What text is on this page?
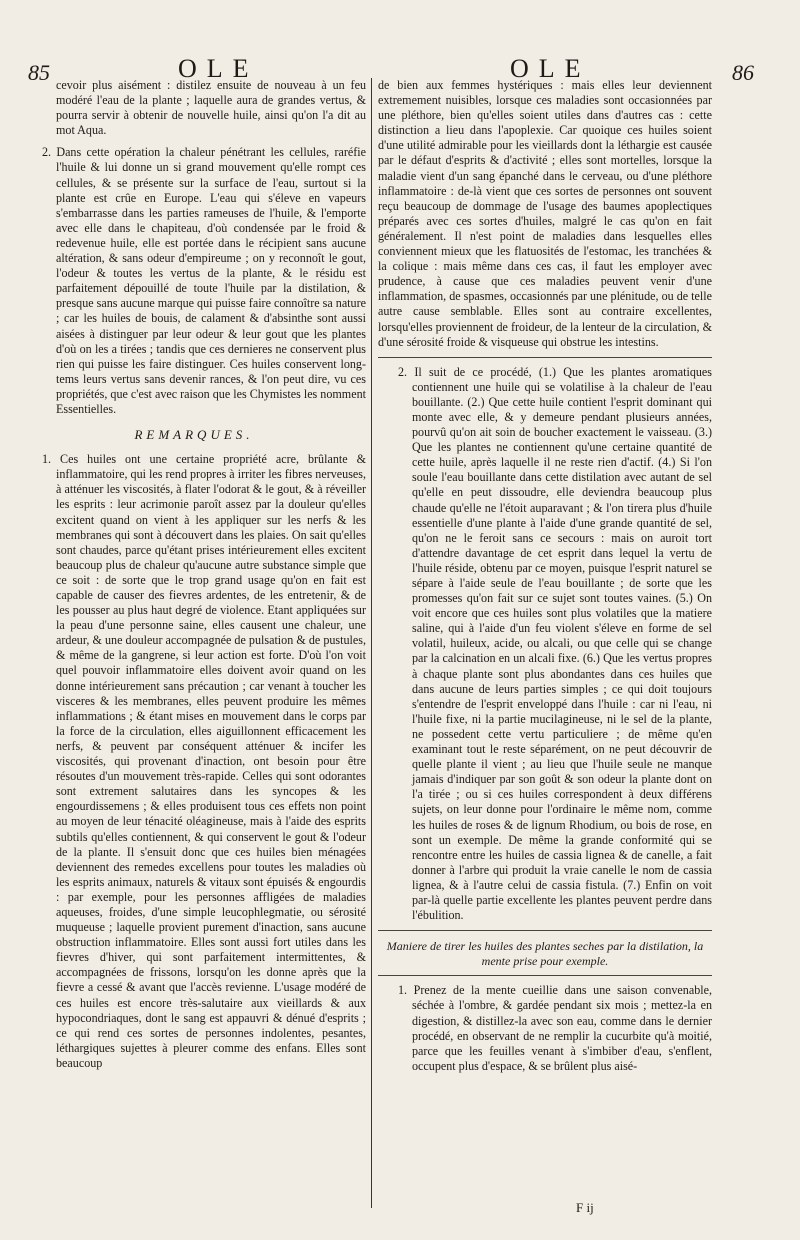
85	OLE	OLE	86

cevoir plus aisément : distilez ensuite de nouveau à un feu modéré l'eau de la plante ; laquelle aura de grandes vertus, & pourra servir à obtenir de nouvelle huile, ainsi qu'on l'a dit au mot Aqua.

2. Dans cette opération la chaleur pénétrant les cellules, raréfie l'huile & lui donne un si grand mouvement qu'elle rompt ces cellules, & se présente sur la surface de l'eau, surtout si la plante est crûe en Europe. L'eau qui s'éleve en vapeurs s'embarrasse dans les parties rameuses de l'huile, & l'emporte avec elle dans le chapiteau, d'où condensée par le froid & redevenue huile, elle est portée dans le récipient sans aucune altération, & sans odeur d'empireume ; on y reconnoît le gout, l'odeur & toutes les vertus de la plante, & le résidu est parfaitement dépouillé de toute l'huile par la distilation, & presque sans aucune marque qui puisse faire connoître sa nature ; car les huiles de bouis, de calament & d'absinthe sont aussi aisées à distinguer par leur odeur & leur gout que les plantes d'où on les a tirées ; tandis que ces dernieres ne conservent plus rien qui puisse les faire distinguer. Ces huiles conservent long-tems leurs vertus sans devenir rances, & l'on peut dire, vu ces propriétés, que c'est avec raison que les Chymistes les nomment Essentielles.

REMARQUES.

1. Ces huiles ont une certaine propriété acre, brûlante & inflammatoire, qui les rend propres à irriter les fibres nerveuses, à atténuer les viscosités, à flater l'odorat & le gout, & à réveiller les esprits : leur acrimonie paroît assez par la douleur qu'elles excitent quand on vient à les appliquer sur les nerfs & les membranes qui sont à découvert dans les plaies. On sait qu'elles sont chaudes, parce qu'étant prises intérieurement elles excitent beaucoup plus de chaleur qu'aucune autre substance simple que ce soit : de sorte que le trop grand usage qu'on en fait est capable de causer des fievres ardentes, de les entretenir, & de les pousser au plus haut degré de violence. Etant appliquées sur la peau d'une personne saine, elles causent une chaleur, une ardeur, & une douleur accompagnée de pulsation & de pustules, & même de la gangrene, si leur action est forte. D'où l'on voit quel pouvoir inflammatoire elles doivent avoir quand on les donne intérieurement sans précaution ; car venant à toucher les visceres & les membranes, elles peuvent produire les mêmes inflammations ; & étant mises en mouvement dans le corps par la force de la circulation, elles aiguillonnent efficacement les nerfs, & peuvent par conséquent atténuer & incifer les viscosités, qui provenant d'inaction, ont besoin pour être résoutes d'un mouvement très-rapide. Celles qui sont odorantes sont extrement salutaires dans les syncopes & les engourdissemens ; & elles produisent tous ces effets non point au moyen de leur ténacité oléagineuse, mais à l'aide des esprits subtils qu'elles contiennent, & qui conservent le gout & l'odeur de la plante. Il s'ensuit donc que ces huiles bien ménagées deviennent des remedes excellens pour toutes les maladies où les esprits animaux, naturels & vitaux sont épuisés & engourdis : par exemple, pour les personnes affligées de maladies aqueuses, froides, d'une simple leucophlegmatie, ou sérosité muqueuse ; laquelle provient purement d'inaction, sans aucune obstruction inflammatoire. Elles sont aussi fort utiles dans les fievres d'hiver, qui sont parfaitement intermittentes, & accompagnées de frissons, lorsqu'on les donne après que la fievre a cessé & avant que l'accès revienne. L'usage modéré de ces huiles est encore très-salutaire aux vieillards & aux hypocondriaques, dont le sang est appauvri & dénué d'esprits ; ce qui rend ces sortes de personnes indolentes, pesantes, léthargiques sujettes à pleurer comme des enfans. Elles sont beaucoup

de bien aux femmes hystériques : mais elles leur deviennent extremement nuisibles, lorsque ces maladies sont occasionnées par une pléthore, bien qu'elles soient utiles dans d'autres cas : cette distinction a lieu dans l'apoplexie. Car quoique ces huiles soient d'une utilité admirable pour les vieillards dont la léthargie est causée par le défaut d'esprits & d'activité ; elles sont mortelles, lorsque la maladie vient d'un sang épanché dans le cerveau, ou d'une pléthore inflammatoire : de-là vient que ces sortes de personnes ont souvent reçu beaucoup de dommage de l'usage des baumes apoplectiques préparés avec ces sortes d'huiles, malgré le cas qu'on en fait généralement. Il n'est point de maladies dans lesquelles elles conviennent mieux que les flatuosités de l'estomac, les tranchées & la colique : mais même dans ces cas, il faut les employer avec prudence, à cause que ces maladies peuvent venir d'une inflammation, de spasmes, occasionnés par une plénitude, ou de telle autre cause semblable. Elles sont au contraire excellentes, lorsqu'elles proviennent de froideur, de la lenteur de la circulation, & d'une sérosité froide & visqueuse qui obstrue les intestins.

2. Il suit de ce procédé, (1.) Que les plantes aromatiques contiennent une huile qui se volatilise à la chaleur de l'eau bouillante. (2.) Que cette huile contient l'esprit dominant qui monte avec elle, & y demeure pendant plusieurs années, pourvû qu'on ait soin de boucher exactement le vaisseau. (3.) Que les plantes ne contiennent qu'une certaine quantité de cette huile, après laquelle il ne reste rien d'actif. (4.) Si l'on soule l'eau bouillante dans cette distilation avec autant de sel qu'elle en peut dissoudre, elle deviendra beaucoup plus chaude qu'elle ne l'étoit auparavant ; & l'on tirera plus d'huile essentielle d'une plante à l'aide d'une grande quantité de sel, qu'on ne le feroit sans ce secours : mais on auroit tort d'attendre davantage de cet esprit dans lequel la vertu de l'huile réside, obtenu par ce moyen, puisque l'esprit naturel se sépare à l'aide seule de l'eau bouillante ; de sorte que les promesses qu'on fait sur ce sujet sont toutes vaines. (5.) On voit encore que ces huiles sont plus volatiles que la matiere saline, qui à l'aide d'un feu violent s'éleve en forme de sel volatil, huileux, acide, ou alcali, ou que celle qui se change par la calcination en un alcali fixe. (6.) Que les vertus propres à chaque plante sont plus abondantes dans ces huiles que dans aucune de leurs parties simples ; ce qui doit toujours s'entendre de l'esprit enveloppé dans l'huile : car ni l'eau, ni l'huile fixe, ni la partie mucilagineuse, ni le sel de la plante, ne possedent cette vertu particuliere ; de même qu'en examinant tout le reste séparément, on ne peut découvrir de quelle plante il vient ; au lieu que l'huile seule ne manque jamais d'indiquer par son goût & son odeur la plante dont on l'a tirée ; ou si ces huiles correspondent à deux différens sujets, on leur donne pour l'ordinaire le même nom, comme les huiles de roses & de lignum Rhodium, ou bois de rose, en sont un exemple. De même la grande conformité qui se rencontre entre les huiles de cassia lignea & de canelle, a fait donner à l'arbre qui produit la vraie canelle le nom de cassia lignea, & à l'autre celui de cassia fistula. (7.) Enfin on voit par-là quelle partie excellente les plantes peuvent perdre dans l'ébulition.

Maniere de tirer les huiles des plantes seches par la distilation, la mente prise pour exemple.

1. Prenez de la mente cueillie dans une saison convenable, séchée à l'ombre, & gardée pendant six mois ; mettez-la en digestion, & distillez-la avec son eau, comme dans le dernier procédé, en observant de ne remplir la cucurbite qu'à moitié, parce que les feuilles venant à s'imbiber d'eau, s'enflent, occupent plus d'espace, & se brûlent plus aisé-

F ij
